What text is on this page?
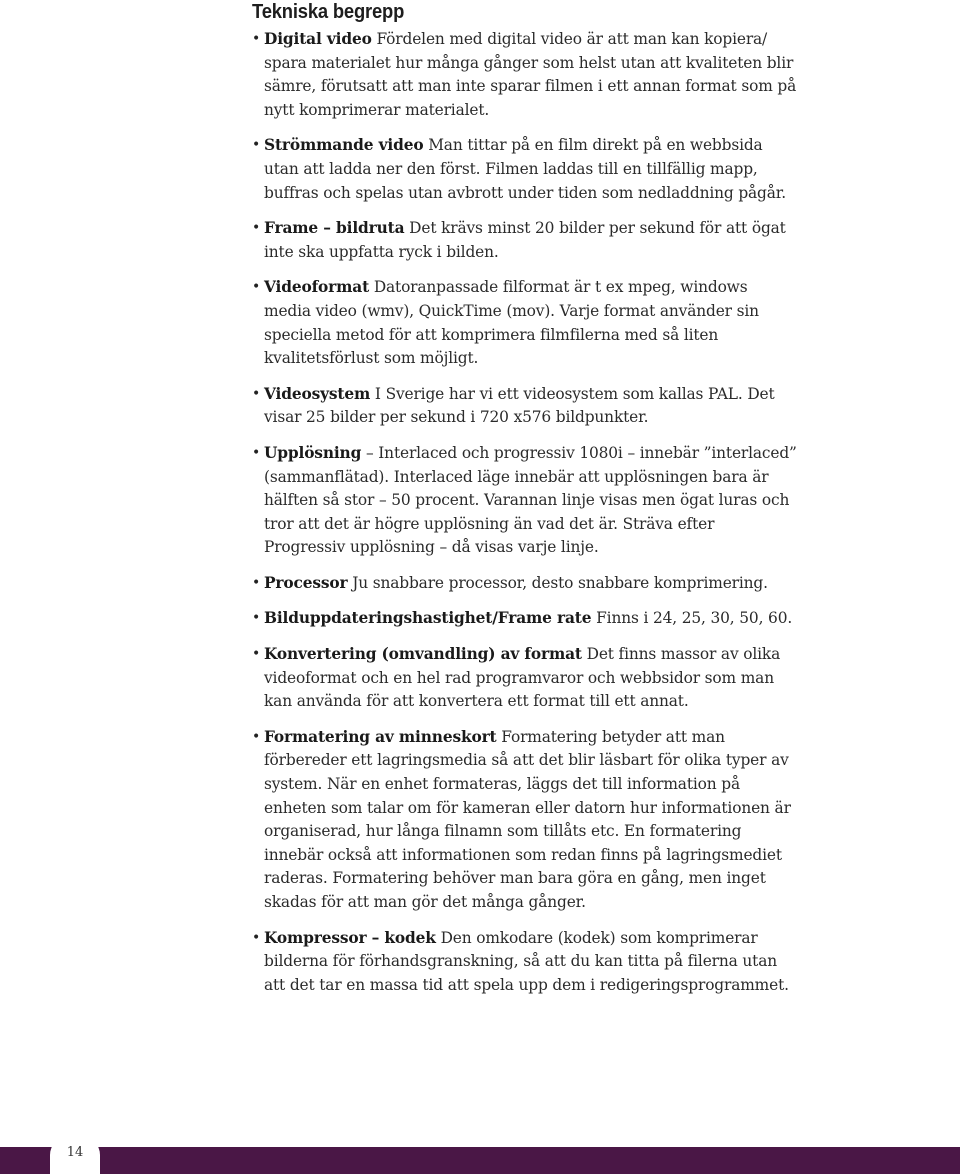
Tekniska begrepp
• Digital video Fördelen med digital video är att man kan kopiera/ spara materialet hur många gånger som helst utan att kvaliteten blir sämre, förutsatt att man inte sparar filmen i ett annan format som på nytt komprimerar materialet.
• Strömmande video Man tittar på en film direkt på en webbsida utan att ladda ner den först. Filmen laddas till en tillfällig mapp, buffras och spelas utan avbrott under tiden som nedladdning pågår.
• Frame – bildruta Det krävs minst 20 bilder per sekund för att ögat inte ska uppfatta ryck i bilden.
• Videoformat Datoranpassade filformat är t ex mpeg, windows media video (wmv), QuickTime (mov). Varje format använder sin speciella metod för att komprimera filmfilerna med så liten kvalitetsförlust som möjligt.
• Videosystem I Sverige har vi ett videosystem som kallas PAL. Det visar 25 bilder per sekund i 720 x576 bildpunkter.
• Upplösning – Interlaced och progressiv 1080i – innebär ”interlaced” (sammanflätad). Interlaced läge innebär att upplösningen bara är hälften så stor – 50 procent. Varannan linje visas men ögat luras och tror att det är högre upplösning än vad det är. Sträva efter Progressiv upplösning – då visas varje linje.
• Processor Ju snabbare processor, desto snabbare komprimering.
• Bilduppdateringshastighet/Frame rate Finns i 24, 25, 30, 50, 60.
• Konvertering (omvandling) av format Det finns massor av olika videoformat och en hel rad programvaror och webbsidor som man kan använda för att konvertera ett format till ett annat.
• Formatering av minneskort Formatering betyder att man förbereder ett lagringsmedia så att det blir läsbart för olika typer av system. När en enhet formateras, läggs det till information på enheten som talar om för kameran eller datorn hur informationen är organiserad, hur långa filnamn som tillåts etc. En formatering innebär också att informationen som redan finns på lagringsmediet raderas. Formatering behöver man bara göra en gång, men inget skadas för att man gör det många gånger.
• Kompressor – kodek Den omkodare (kodek) som komprimerar bilderna för förhandsgranskning, så att du kan titta på filerna utan att det tar en massa tid att spela upp dem i redigeringsprogrammet.
14
